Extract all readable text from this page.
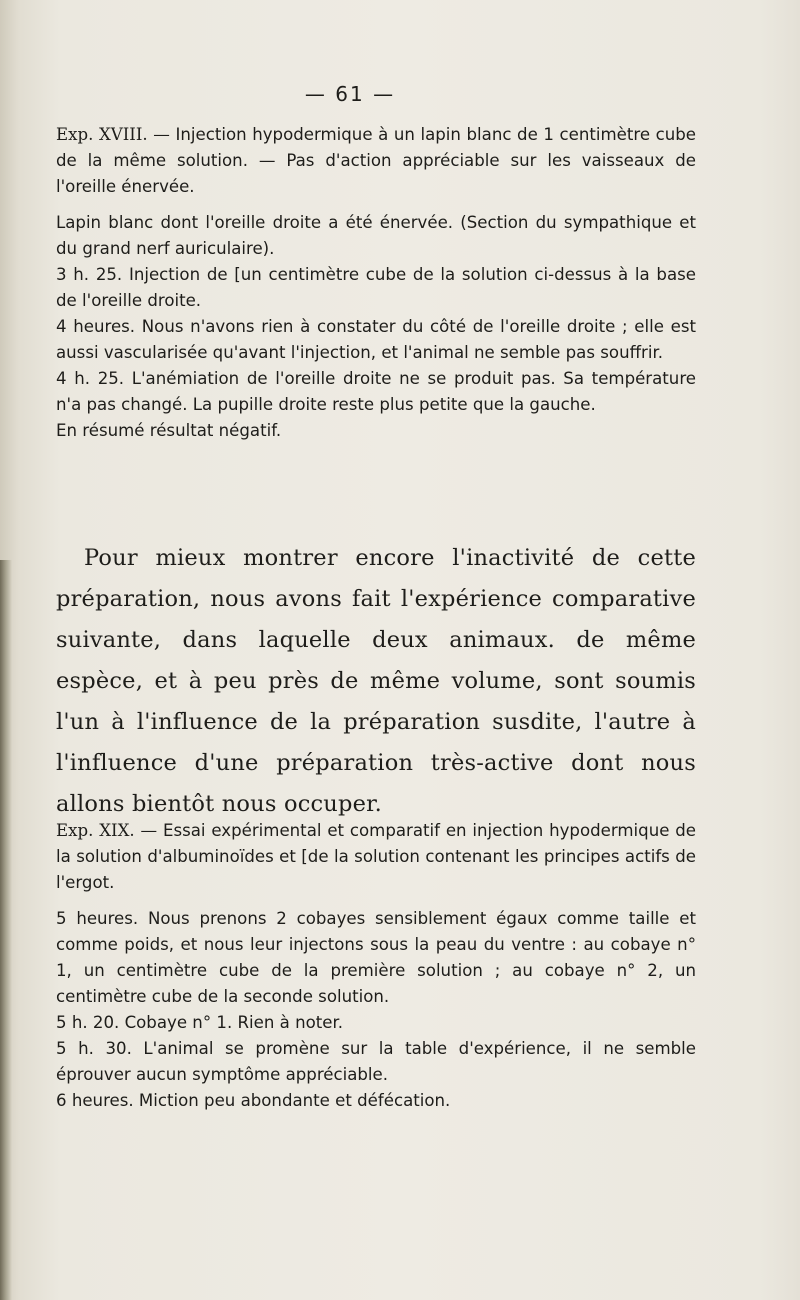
— 61 —

Exp. XVIII. — Injection hypodermique à un lapin blanc de 1 centimètre cube de la même solution. — Pas d'action appréciable sur les vaisseaux de l'oreille énervée.

Lapin blanc dont l'oreille droite a été énervée. (Section du sympathique et du grand nerf auriculaire).

3 h. 25. Injection de [un centimètre cube de la solution ci-dessus à la base de l'oreille droite.

4 heures. Nous n'avons rien à constater du côté de l'oreille droite ; elle est aussi vascularisée qu'avant l'injection, et l'animal ne semble pas souffrir.

4 h. 25. L'anémiation de l'oreille droite ne se produit pas. Sa température n'a pas changé. La pupille droite reste plus petite que la gauche.

En résumé résultat négatif.

Pour mieux montrer encore l'inactivité de cette préparation, nous avons fait l'expérience comparative suivante, dans laquelle deux animaux. de même espèce, et à peu près de même volume, sont soumis l'un à l'influence de la préparation susdite, l'autre à l'influence d'une préparation très-active dont nous allons bientôt nous occuper.

Exp. XIX. — Essai expérimental et comparatif en injection hypodermique de la solution d'albuminoïdes et [de la solution contenant les principes actifs de l'ergot.

5 heures. Nous prenons 2 cobayes sensiblement égaux comme taille et comme poids, et nous leur injectons sous la peau du ventre : au cobaye n° 1, un centimètre cube de la première solution ; au cobaye n° 2, un centimètre cube de la seconde solution.

5 h. 20. Cobaye n° 1. Rien à noter.

5 h. 30. L'animal se promène sur la table d'expérience, il ne semble éprouver aucun symptôme appréciable.

6 heures. Miction peu abondante et défécation.
